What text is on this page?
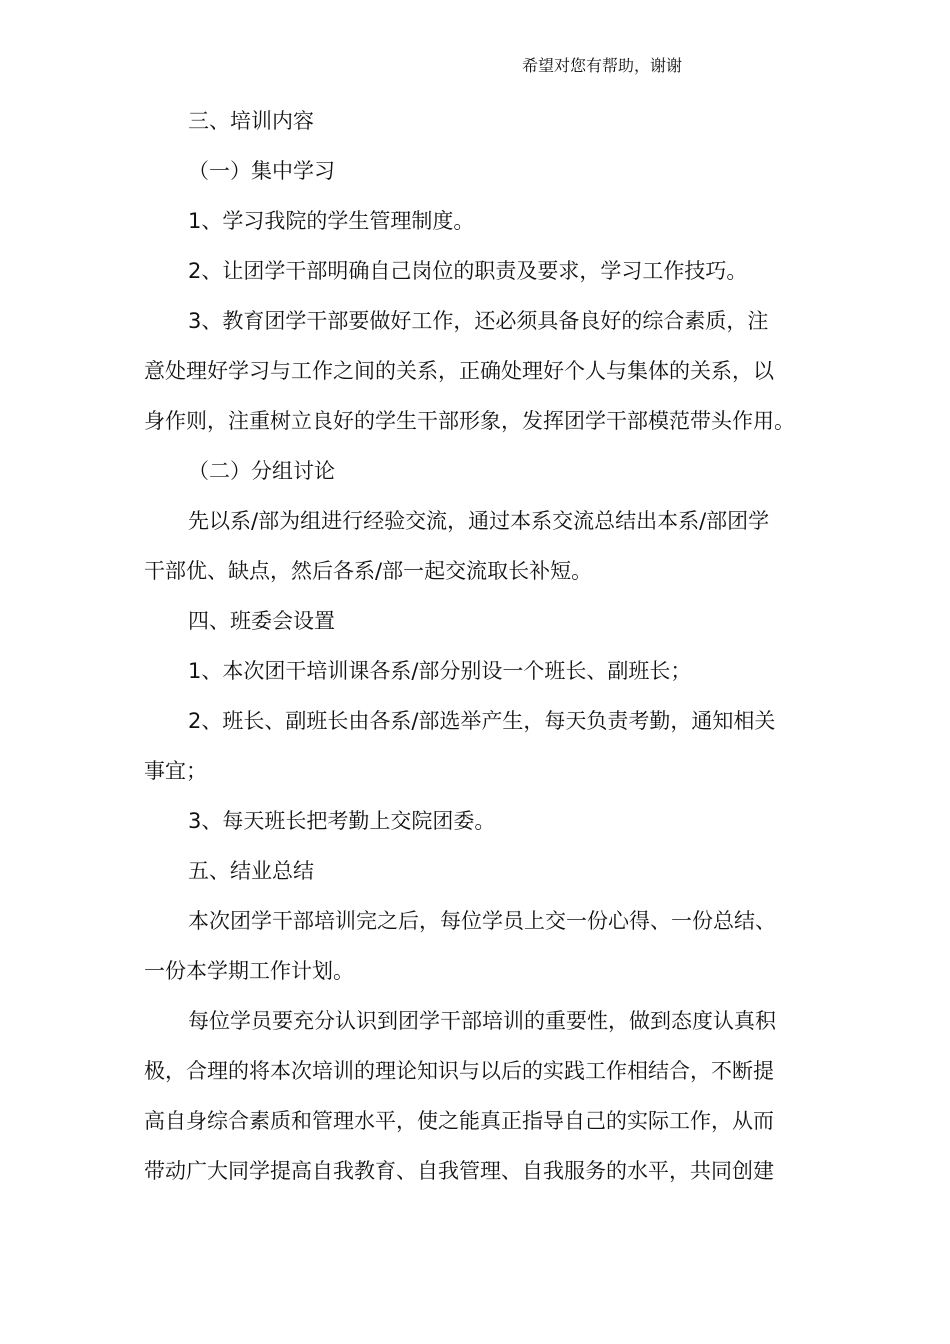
希望对您有帮助，谢谢
三、培训内容
（一）集中学习
1、学习我院的学生管理制度。
2、让团学干部明确自己岗位的职责及要求，学习工作技巧。
3、教育团学干部要做好工作，还必须具备良好的综合素质，注
意处理好学习与工作之间的关系，正确处理好个人与集体的关系，以
身作则，注重树立良好的学生干部形象，发挥团学干部模范带头作用。
（二）分组讨论
先以系/部为组进行经验交流，通过本系交流总结出本系/部团学
干部优、缺点，然后各系/部一起交流取长补短。
四、班委会设置
1、本次团干培训课各系/部分别设一个班长、副班长；
2、班长、副班长由各系/部选举产生，每天负责考勤，通知相关
事宜；
3、每天班长把考勤上交院团委。
五、结业总结
本次团学干部培训完之后，每位学员上交一份心得、一份总结、
一份本学期工作计划。
每位学员要充分认识到团学干部培训的重要性，做到态度认真积
极，合理的将本次培训的理论知识与以后的实践工作相结合，不断提
高自身综合素质和管理水平，使之能真正指导自己的实际工作，从而
带动广大同学提高自我教育、自我管理、自我服务的水平，共同创建
